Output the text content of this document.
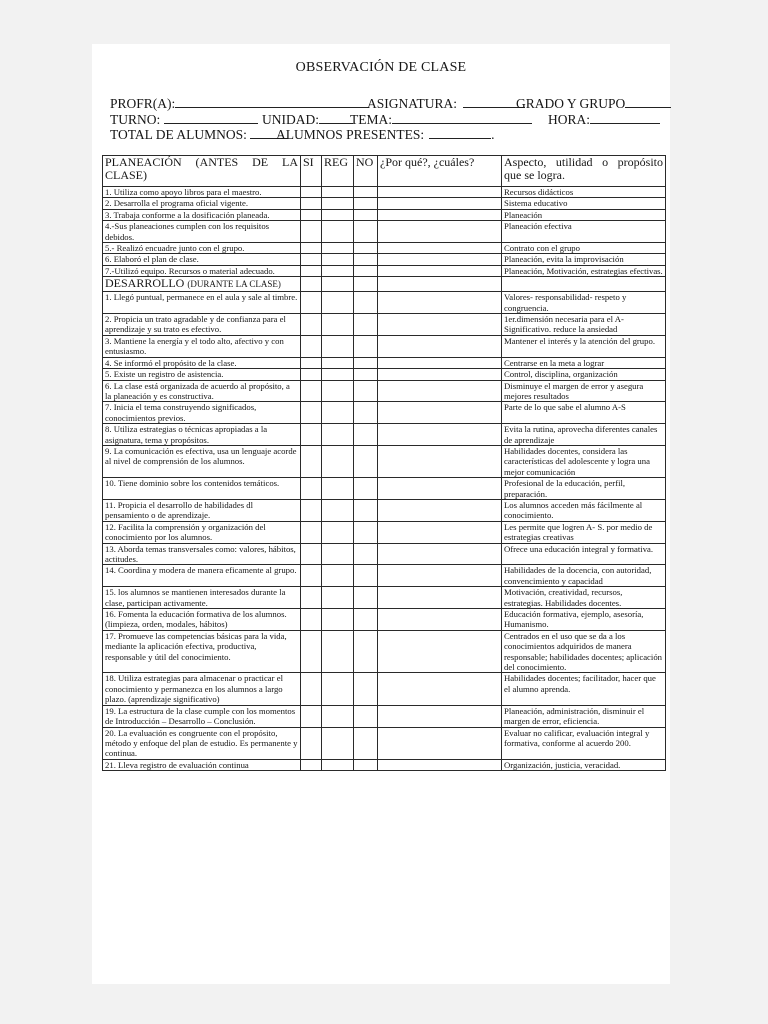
OBSERVACIÓN DE CLASE
PROFR(A):	ASIGNATURA:	GRADO Y GRUPO
TURNO:	UNIDAD:	TEMA:	HORA:
TOTAL DE ALUMNOS:	ALUMNOS PRESENTES:	.
PLANEACIÓN (ANTES DE LA CLASE)	SI	REG	NO	¿Por qué?, ¿cuáles?	Aspecto, utilidad o propósito que se logra.
1. Utiliza como apoyo libros para el maestro.					Recursos didácticos
2. Desarrolla el programa oficial vigente.					Sistema educativo
3. Trabaja conforme a la dosificación planeada.					Planeación
4.-Sus planeaciones cumplen con los requisitos debidos.					Planeación efectiva
5.- Realizó encuadre junto con el grupo.					Contrato con el grupo
6. Elaboró el plan de clase.					Planeación, evita la improvisación
7.-Utilizó equipo. Recursos o material adecuado.					Planeación, Motivación, estrategias efectivas.
DESARROLLO (DURANTE LA CLASE)					
1. Llegó puntual, permanece en el aula y sale al timbre.					Valores- responsabilidad- respeto y congruencia.
2. Propicia un trato agradable y de confianza para el aprendizaje y su trato es efectivo.					1er.dimensión necesaria para el A- Significativo. reduce la ansiedad
3. Mantiene la energía y el todo alto, afectivo y con entusiasmo.					Mantener el interés y la atención del grupo.
4. Se informó el propósito de la clase.					Centrarse en la meta a lograr
5. Existe un registro de asistencia.					Control, disciplina, organización
6. La clase está organizada de acuerdo al propósito, a la planeación y es constructiva.					Disminuye el margen de error y asegura mejores resultados
7. Inicia el tema construyendo significados, conocimientos previos.					Parte de lo que sabe el alumno A-S
8. Utiliza estrategias o técnicas apropiadas a la asignatura, tema y propósitos.					Evita la rutina, aprovecha diferentes canales de aprendizaje
9. La comunicación es efectiva, usa un lenguaje acorde al nivel de comprensión de los alumnos.					Habilidades docentes, considera las características del adolescente y logra una mejor comunicación
10. Tiene dominio sobre los contenidos temáticos.					Profesional de la educación, perfil, preparación.
11. Propicia el desarrollo de habilidades dl pensamiento o de aprendizaje.					Los alumnos acceden más fácilmente al conocimiento.
12. Facilita la comprensión y organización del conocimiento por los alumnos.					Les permite que logren A- S. por medio de estrategias creativas
13. Aborda temas transversales como: valores, hábitos, actitudes.					Ofrece una educación integral y formativa.
14. Coordina y modera de manera eficamente al grupo.					Habilidades de la docencia, con autoridad, convencimiento y capacidad
15. los alumnos se mantienen interesados durante la clase, participan activamente.					Motivación, creatividad, recursos, estrategias. Habilidades docentes.
16. Fomenta la educación formativa de los alumnos.(limpieza, orden, modales, hábitos)					Educación formativa, ejemplo, asesoría, Humanismo.
17. Promueve las competencias básicas para la vida, mediante la aplicación efectiva, productiva, responsable y útil del conocimiento.					Centrados en el uso que se da a los conocimientos adquiridos de manera responsable; habilidades docentes; aplicación del conocimiento.
18. Utiliza estrategias para almacenar o practicar el conocimiento y permanezca en los alumnos a largo plazo. (aprendizaje significativo)					Habilidades docentes; facilitador, hacer que el alumno aprenda.
19. La estructura de la clase cumple con los momentos de Introducción – Desarrollo – Conclusión.					Planeación, administración, disminuir el margen de error, eficiencia.
20. La evaluación es congruente con el propósito, método y enfoque del plan de estudio. Es permanente y continua.					Evaluar no calificar, evaluación integral y formativa, conforme al acuerdo 200.
21. Lleva registro de evaluación continua					Organización, justicia, veracidad.
